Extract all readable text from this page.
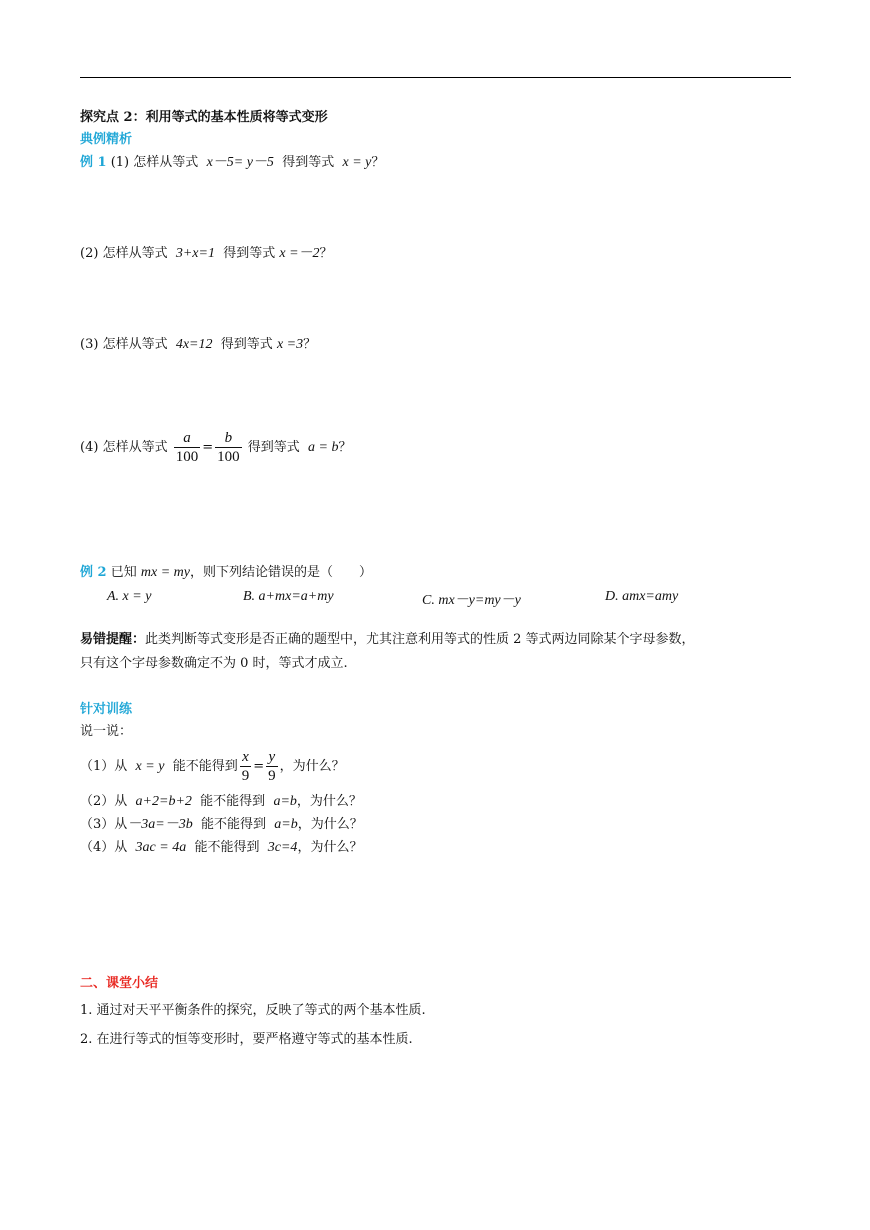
探究点 2：利用等式的基本性质将等式变形
典例精析
例 1 (1) 怎样从等式 x－5= y－5 得到等式 x = y？
(2) 怎样从等式 3+x=1 得到等式 x =－2？
(3) 怎样从等式 4x=12 得到等式 x =3？
(4) 怎样从等式 $\frac{a}{100} = \frac{b}{100}$ 得到等式 a = b？
例 2 已知 mx = my，则下列结论错误的是（　　）
A. x = y	B. a+mx=a+my	C. mx－y=my－y	D. amx=amy
易错提醒：此类判断等式变形是否正确的题型中，尤其注意利用等式的性质 2 等式两边同除某个字母参数，
只有这个字母参数确定不为 0 时，等式才成立.
针对训练
说一说：
（1）从 x = y 能不能得到 $\frac{x}{9} = \frac{y}{9}$ ，为什么？
（2）从 a+2=b+2 能不能得到 a=b，为什么？
（3）从－3a=－3b 能不能得到 a=b，为什么？
（4）从 3ac = 4a 能不能得到 3c=4，为什么？
二、课堂小结
1. 通过对天平平衡条件的探究，反映了等式的两个基本性质.
2. 在进行等式的恒等变形时，要严格遵守等式的基本性质.
